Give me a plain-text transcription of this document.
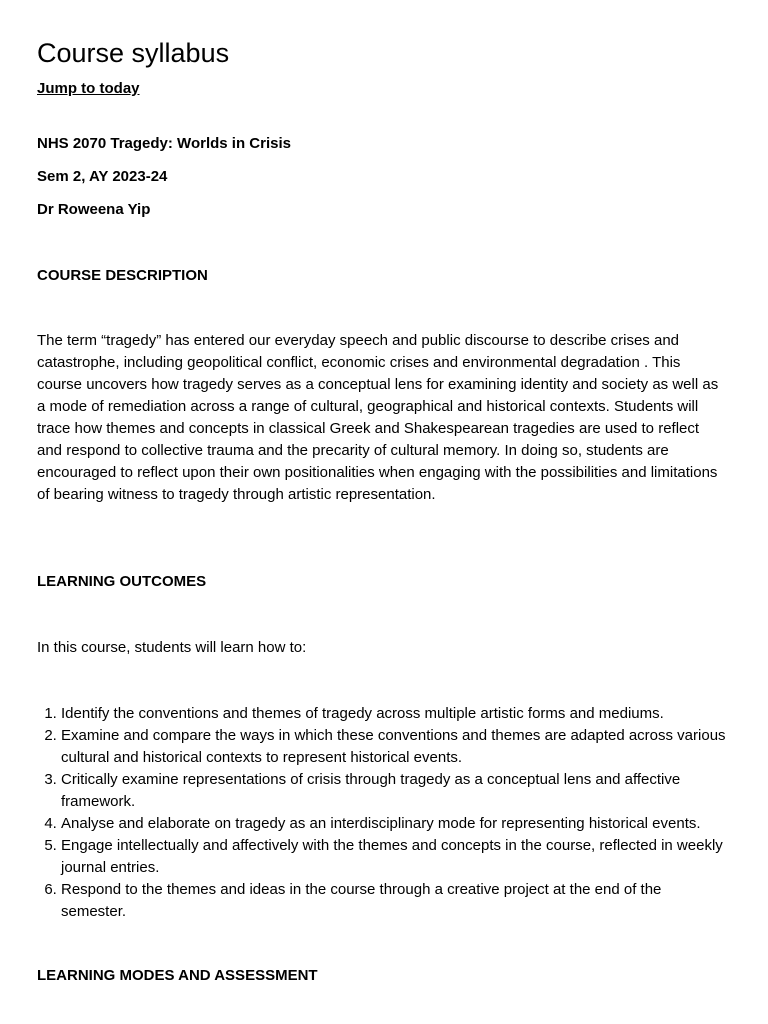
Course syllabus
Jump to today
NHS 2070 Tragedy: Worlds in Crisis
Sem 2, AY 2023-24
Dr Roweena Yip
COURSE DESCRIPTION

The term “tragedy” has entered our everyday speech and public discourse to describe crises and catastrophe, including geopolitical conflict, economic crises and environmental degradation . This course uncovers how tragedy serves as a conceptual lens for examining identity and society as well as a mode of remediation across a range of cultural, geographical and historical contexts. Students will trace how themes and concepts in classical Greek and Shakespearean tragedies are used to reflect and respond to collective trauma and the precarity of cultural memory. In doing so, students are encouraged to reflect upon their own positionalities when engaging with the possibilities and limitations of bearing witness to tragedy through artistic representation.

LEARNING OUTCOMES

In this course, students will learn how to:

1. Identify the conventions and themes of tragedy across multiple artistic forms and mediums.
2. Examine and compare the ways in which these conventions and themes are adapted across various cultural and historical contexts to represent historical events.
3. Critically examine representations of crisis through tragedy as a conceptual lens and affective framework.
4. Analyse and elaborate on tragedy as an interdisciplinary mode for representing historical events.
5. Engage intellectually and affectively with the themes and concepts in the course, reflected in weekly journal entries.
6. Respond to the themes and ideas in the course through a creative project at the end of the semester.
LEARNING MODES AND ASSESSMENT
